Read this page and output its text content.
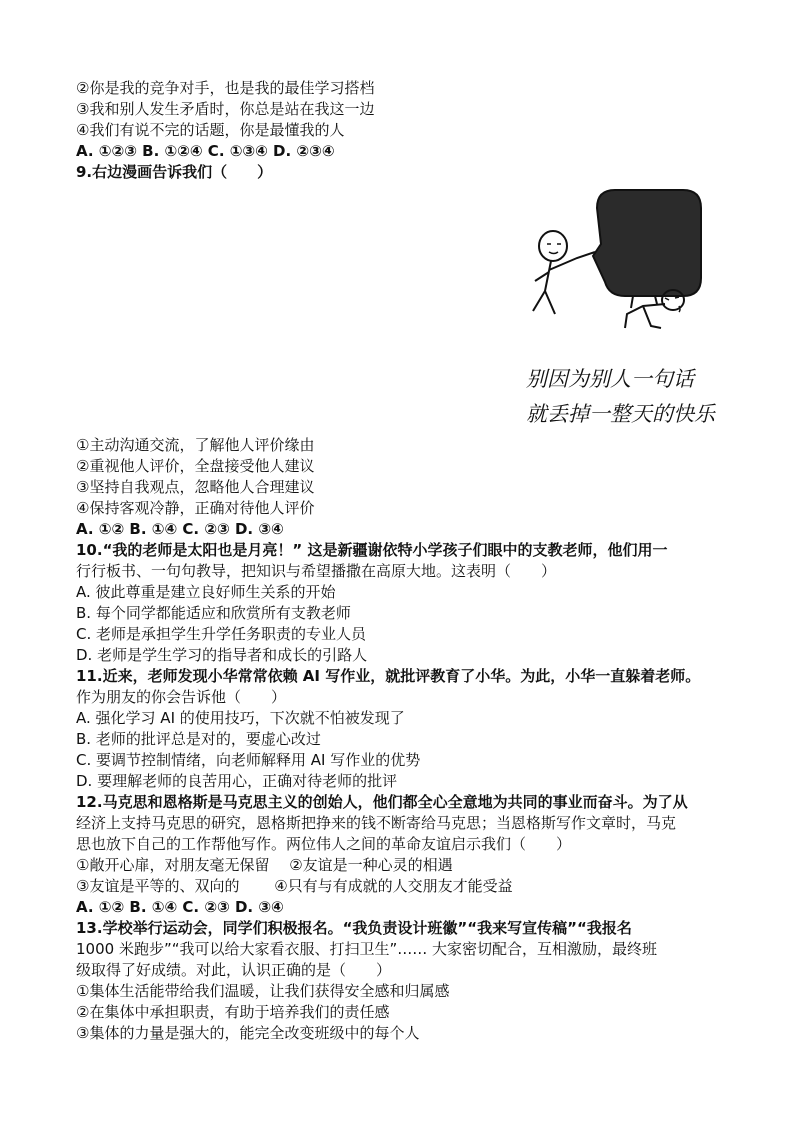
②你是我的竞争对手，也是我的最佳学习搭档
③我和别人发生矛盾时，你总是站在我这一边
④我们有说不完的话题，你是最懂我的人
A. ①②③ B. ①②④ C. ①③④ D. ②③④
9.右边漫画告诉我们（　　）
别因为别人一句话
就丢掉一整天的快乐
①主动沟通交流，了解他人评价缘由
②重视他人评价，全盘接受他人建议
③坚持自我观点，忽略他人合理建议
④保持客观冷静，正确对待他人评价
A. ①② B. ①④ C. ②③ D. ③④
10.“我的老师是太阳也是月亮！” 这是新疆谢依特小学孩子们眼中的支教老师，他们用一
行行板书、一句句教导，把知识与希望播撒在高原大地。这表明（　　）
A. 彼此尊重是建立良好师生关系的开始
B. 每个同学都能适应和欣赏所有支教老师
C. 老师是承担学生升学任务职责的专业人员
D. 老师是学生学习的指导者和成长的引路人
11.近来，老师发现小华常常依赖 AI 写作业，就批评教育了小华。为此，小华一直躲着老师。
作为朋友的你会告诉他（　　）
A. 强化学习 AI 的使用技巧，下次就不怕被发现了
B. 老师的批评总是对的，要虚心改过
C. 要调节控制情绪，向老师解释用 AI 写作业的优势
D. 要理解老师的良苦用心，正确对待老师的批评
12.马克思和恩格斯是马克思主义的创始人，他们都全心全意地为共同的事业而奋斗。为了从
经济上支持马克思的研究，恩格斯把挣来的钱不断寄给马克思；当恩格斯写作文章时，马克
思也放下自己的工作帮他写作。两位伟人之间的革命友谊启示我们（　　）
①敞开心扉，对朋友毫无保留　 ②友谊是一种心灵的相遇
③友谊是平等的、双向的　　 ④只有与有成就的人交朋友才能受益
A. ①② B. ①④ C. ②③ D. ③④
13.学校举行运动会，同学们积极报名。“我负责设计班徽”“我来写宣传稿”“我报名
1000 米跑步”“我可以给大家看衣服、打扫卫生”…… 大家密切配合，互相激励，最终班
级取得了好成绩。对此，认识正确的是（　　）
①集体生活能带给我们温暖，让我们获得安全感和归属感
②在集体中承担职责，有助于培养我们的责任感
③集体的力量是强大的，能完全改变班级中的每个人
